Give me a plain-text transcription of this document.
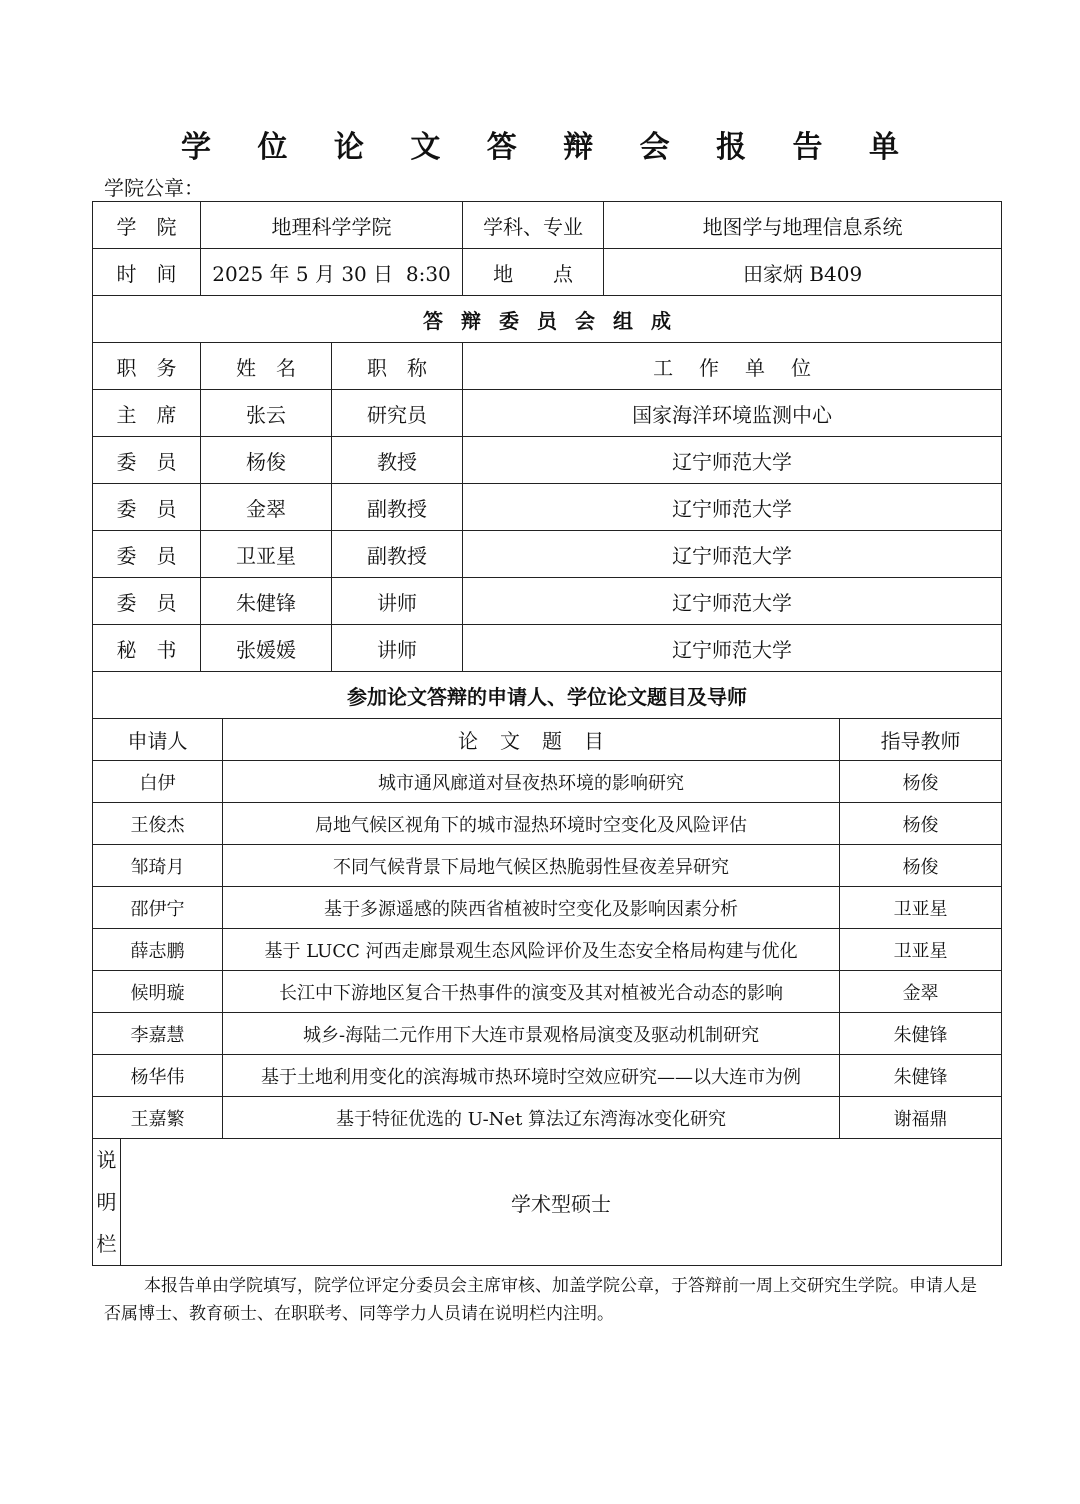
学 位 论 文 答 辩 会 报 告 单
学院公章：
学　院		地理科学学院			学科、专业	地图学与地理信息系统	
时　间		2025 年 5 月 30 日  8:30			地　　点	田家炳 B409	
答辩委员会组成							
职　务		姓　名		职　称	工作单位		
主　席		张云		研究员	国家海洋环境监测中心		
委　员		杨俊		教授	辽宁师范大学		
委　员		金翠		副教授	辽宁师范大学		
委　员		卫亚星		副教授	辽宁师范大学		
委　员		朱健锋		讲师	辽宁师范大学		
秘　书		张媛媛		讲师	辽宁师范大学		
参加论文答辩的申请人、学位论文题目及导师							
申请人			论文题目				指导教师
白伊			城市通风廊道对昼夜热环境的影响研究				杨俊
王俊杰			局地气候区视角下的城市湿热环境时空变化及风险评估				杨俊
邹琦月			不同气候背景下局地气候区热脆弱性昼夜差异研究				杨俊
邵伊宁			基于多源遥感的陕西省植被时空变化及影响因素分析				卫亚星
薛志鹏			基于 LUCC 河西走廊景观生态风险评价及生态安全格局构建与优化				卫亚星
候明璇			长江中下游地区复合干热事件的演变及其对植被光合动态的影响				金翠
李嘉慧			城乡-海陆二元作用下大连市景观格局演变及驱动机制研究				朱健锋
杨华伟			基于土地利用变化的滨海城市热环境时空效应研究——以大连市为例				朱健锋
王嘉繁			基于特征优选的 U-Net 算法辽东湾海冰变化研究				谢福鼎

说
明
栏	学术型硕士						
本报告单由学院填写，院学位评定分委员会主席审核、加盖学院公章，于答辩前一周上交研究生学院。申请人是否属博士、教育硕士、在职联考、同等学力人员请在说明栏内注明。
